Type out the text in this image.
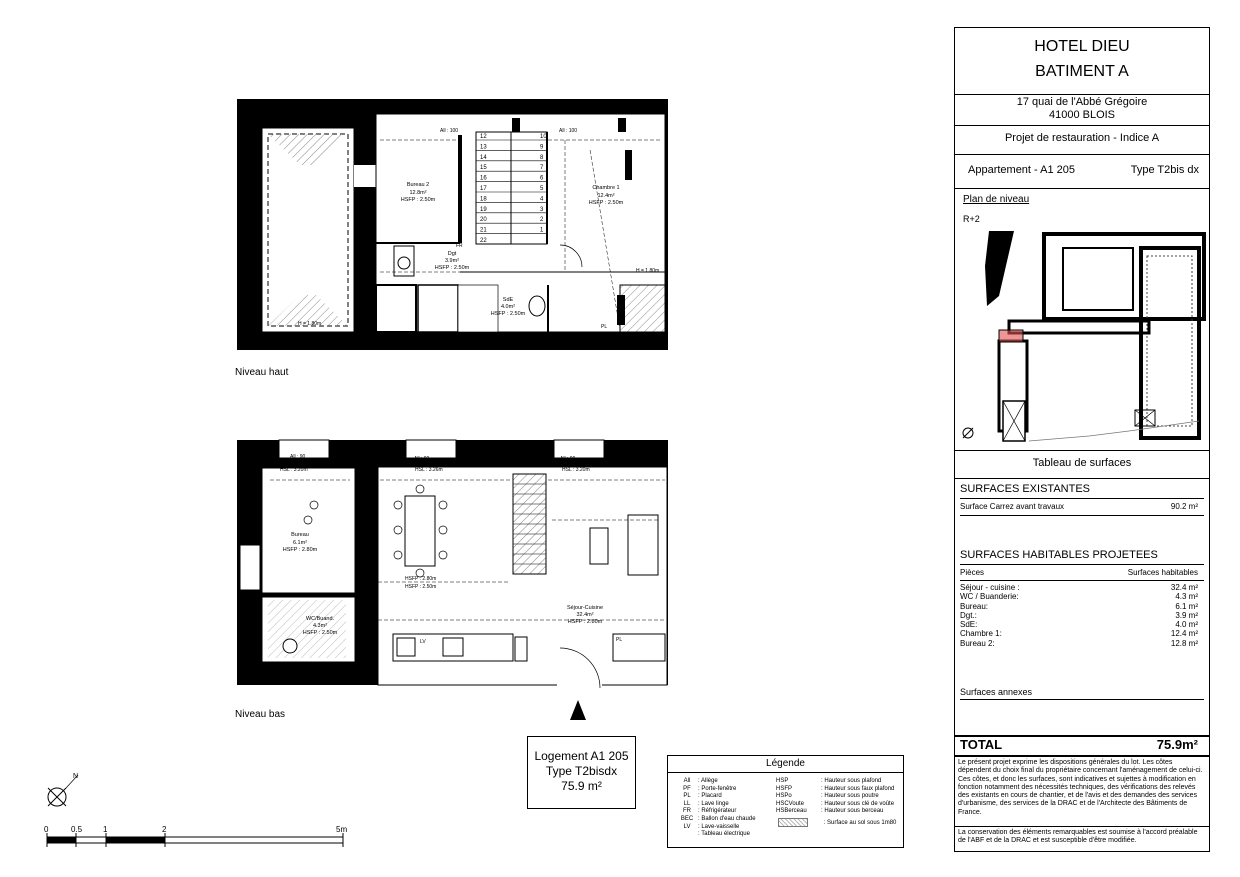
12
13
14
15
16
17
18
19
20
21
22
10
9
8
7
6
5
4
3
2
1
All : 100	All : 100
H = 1.80m
H = 1.80m
PL
FR
Bureau 2
12.8m²
HSFP : 2.50m
Chambre 1
12.4m²
HSFP : 2.50m
Dgt
3.9m²
HSFP : 2.50m
SdE
4.0m²
HSFP : 2.50m
Niveau haut
All : 90	All : 90	All : 90
HSL : 3.20m	HSL : 3.26m	HSL : 3.20m
HSFP : 2.80m
HSFP : 2.50m
LV	PL
Bureau
6.1m²
HSFP : 2.80m
WC/Buand.
4.3m²
HSFP : 2.50m
Séjour-Cuisine
32.4m²
HSFP : 2.80m
Niveau bas
N
0	0.5	1	2	5m
Logement A1 205
Type T2bisdx
75.9 m²
Légende
All : Allège
PF : Porte-fenêtre
PL : Placard
LL : Lave linge
FR : Réfrigérateur
BEC : Ballon d'eau chaude
LV : Lave-vaisselle
: Tableau électrique
HSP	: Hauteur sous plafond
HSFP	: Hauteur sous faux plafond
HSPo	: Hauteur sous poutre
HSCVoute	: Hauteur sous clé de voûte
HSBerceau : Hauteur sous berceau
: Surface au sol sous 1m80
HOTEL DIEU
BATIMENT A
17 quai de l'Abbé Grégoire
41000 BLOIS
Projet de restauration - Indice A
Appartement - A1 205	Type T2bis dx
Plan de niveau
R+2
Tableau de surfaces
SURFACES EXISTANTES
Surface Carrez avant travaux	90.2 m²
SURFACES HABITABLES PROJETEES
Pièces	Surfaces habitables
Séjour - cuisine :	32.4 m²
WC / Buanderie:	4.3 m²
Bureau:	6.1 m²
Dgt.:	3.9 m²
SdE:	4.0 m²
Chambre 1:	12.4 m²
Bureau 2:	12.8 m²
Surfaces annexes
TOTAL	75.9m²
Le présent projet exprime les dispositions générales du lot. Les côtes dépendent du choix final du propriétaire concernant l'aménagement de celui-ci. Ces côtes, et donc les surfaces, sont indicatives et sujettes à modification en fonction notamment des nécessités techniques, des vérifications des relevés des existants en cours de chantier, et de l'avis et des demandes des services d'urbanisme, des services de la DRAC et de l'Architecte des Bâtiments de France.
La conservation des éléments remarquables est soumise à l'accord préalable de l'ABF et de la DRAC et est susceptible d'être modifiée.
